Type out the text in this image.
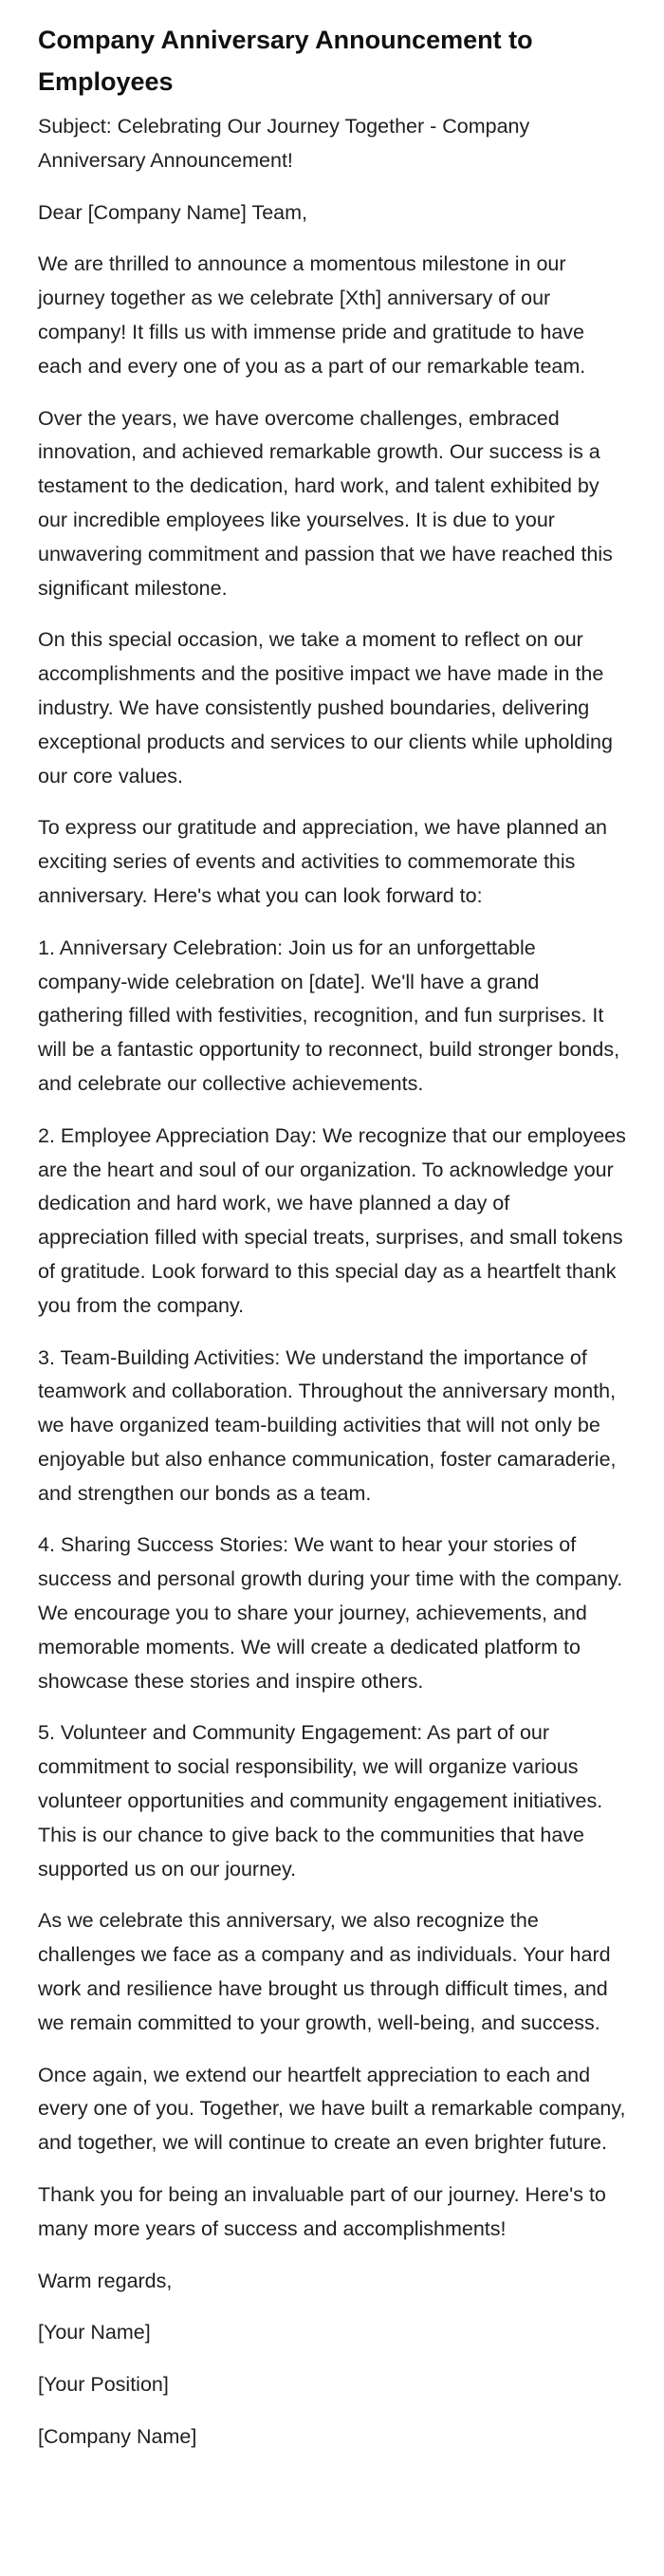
Company Anniversary Announcement to Employees

Subject: Celebrating Our Journey Together - Company Anniversary Announcement!

Dear [Company Name] Team,

We are thrilled to announce a momentous milestone in our journey together as we celebrate [Xth] anniversary of our company! It fills us with immense pride and gratitude to have each and every one of you as a part of our remarkable team.

Over the years, we have overcome challenges, embraced innovation, and achieved remarkable growth. Our success is a testament to the dedication, hard work, and talent exhibited by our incredible employees like yourselves. It is due to your unwavering commitment and passion that we have reached this significant milestone.

On this special occasion, we take a moment to reflect on our accomplishments and the positive impact we have made in the industry. We have consistently pushed boundaries, delivering exceptional products and services to our clients while upholding our core values.

To express our gratitude and appreciation, we have planned an exciting series of events and activities to commemorate this anniversary. Here's what you can look forward to:

1. Anniversary Celebration: Join us for an unforgettable company-wide celebration on [date]. We'll have a grand gathering filled with festivities, recognition, and fun surprises. It will be a fantastic opportunity to reconnect, build stronger bonds, and celebrate our collective achievements.

2. Employee Appreciation Day: We recognize that our employees are the heart and soul of our organization. To acknowledge your dedication and hard work, we have planned a day of appreciation filled with special treats, surprises, and small tokens of gratitude. Look forward to this special day as a heartfelt thank you from the company.

3. Team-Building Activities: We understand the importance of teamwork and collaboration. Throughout the anniversary month, we have organized team-building activities that will not only be enjoyable but also enhance communication, foster camaraderie, and strengthen our bonds as a team.

4. Sharing Success Stories: We want to hear your stories of success and personal growth during your time with the company. We encourage you to share your journey, achievements, and memorable moments. We will create a dedicated platform to showcase these stories and inspire others.

5. Volunteer and Community Engagement: As part of our commitment to social responsibility, we will organize various volunteer opportunities and community engagement initiatives. This is our chance to give back to the communities that have supported us on our journey.

As we celebrate this anniversary, we also recognize the challenges we face as a company and as individuals. Your hard work and resilience have brought us through difficult times, and we remain committed to your growth, well-being, and success.

Once again, we extend our heartfelt appreciation to each and every one of you. Together, we have built a remarkable company, and together, we will continue to create an even brighter future.

Thank you for being an invaluable part of our journey. Here's to many more years of success and accomplishments!

Warm regards,

[Your Name]

[Your Position]

[Company Name]
